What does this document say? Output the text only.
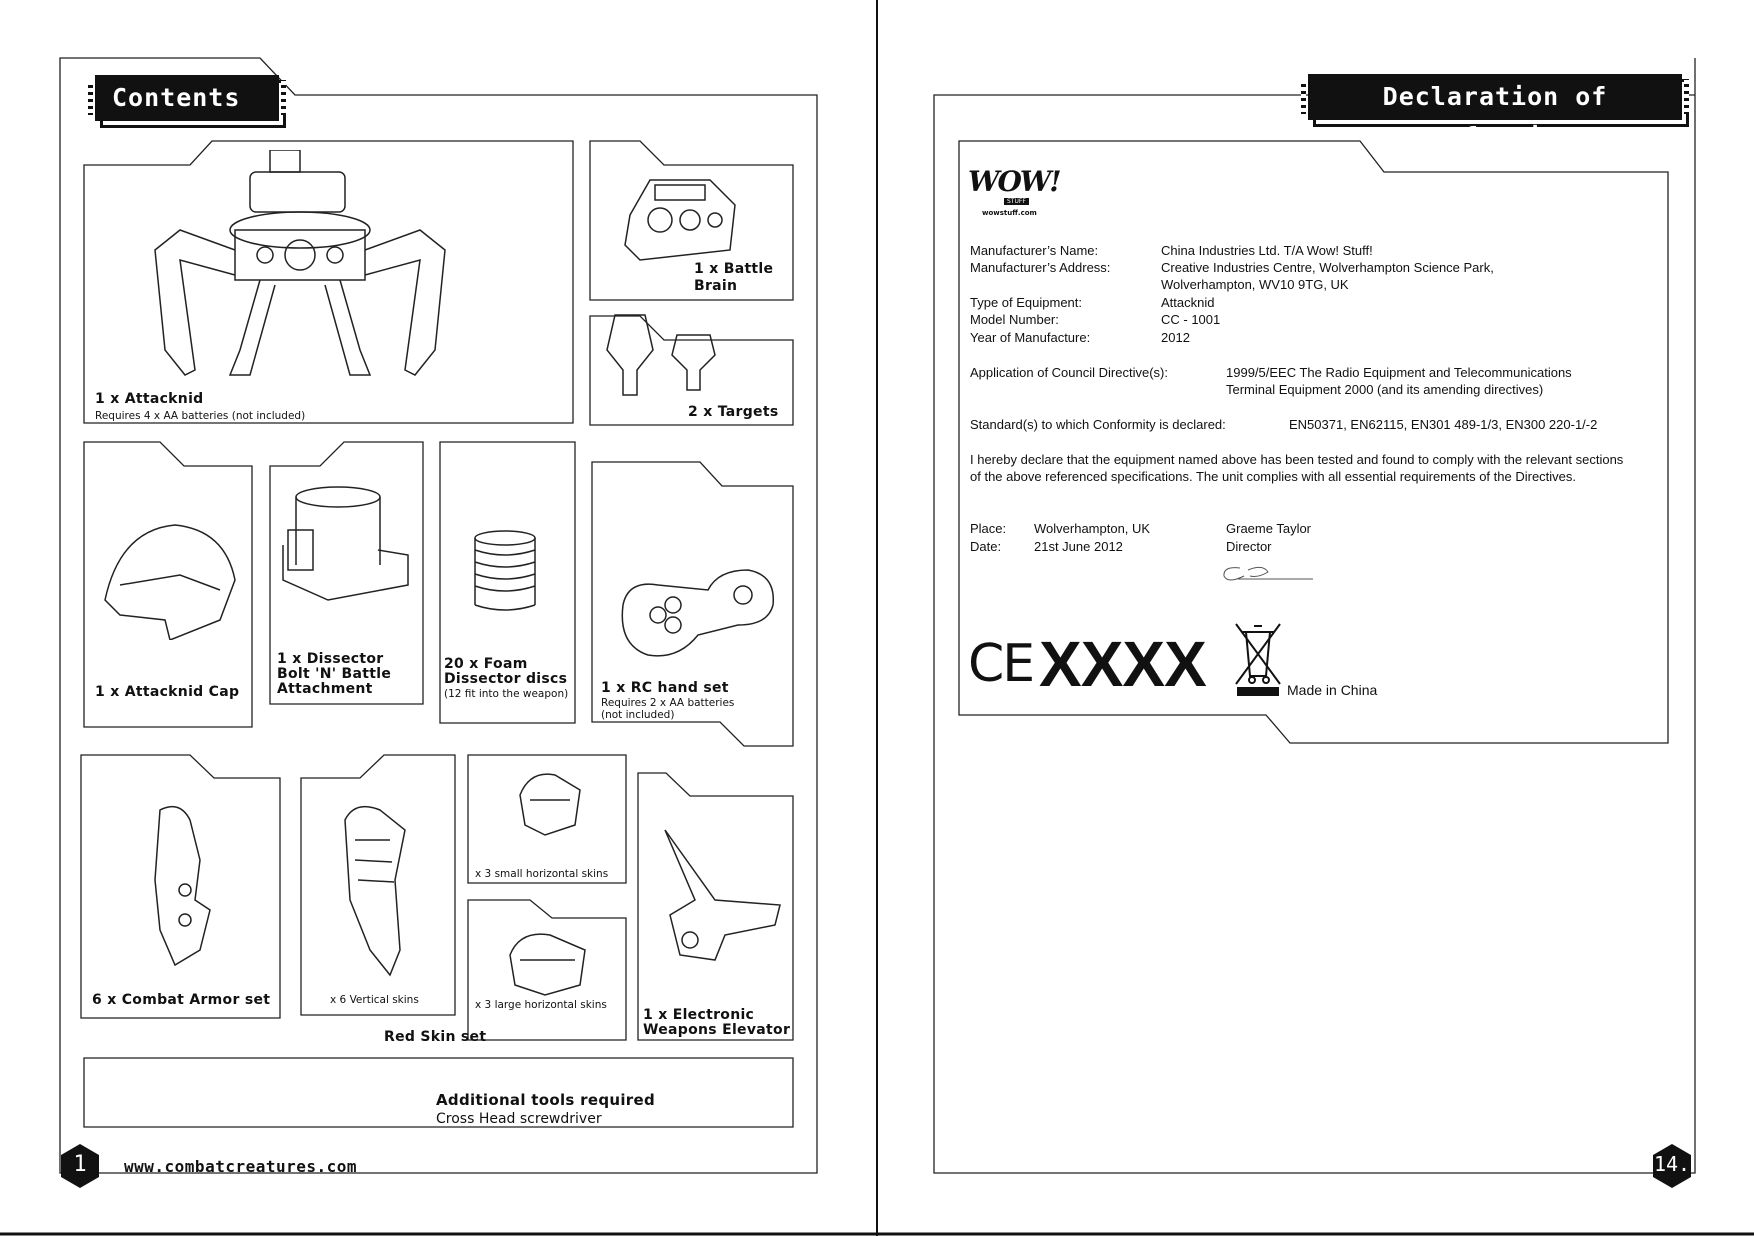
Contents
1 x Attacknid
Requires 4 x AA batteries (not included)
1 x Battle
Brain
2 x Targets
1 x Attacknid Cap
1 x Dissector
Bolt 'N' Battle
Attachment
20 x Foam
Dissector discs
(12 fit into the weapon) 1 x RC hand set
Requires 2 x AA batteries
(not included)
6 x Combat Armor set	x 6 Vertical skins
x 3 small horizontal skins
x 3 large horizontal skins
Red Skin set
1 x Electronic
Weapons Elevator
Additional tools required
Cross Head screwdriver
1	www.combatcreatures.com
Declaration of conformity
WOW!
STUFF
wowstuff.com
Manufacturer’s Name:	China Industries Ltd. T/A Wow! Stuff!
Manufacturer’s Address:	Creative Industries Centre, Wolverhampton Science Park,
Wolverhampton, WV10 9TG, UK
Type of Equipment:	Attacknid
Model Number:	CC - 1001
Year of Manufacture:	2012
Application of Council Directive(s):	1999/5/EEC The Radio Equipment and Telecommunications
Terminal Equipment 2000 (and its amending directives)
Standard(s) to which Conformity is declared:	EN50371, EN62115, EN301 489-1/3, EN300 220-1/-2
I hereby declare that the equipment named above has been tested and found to comply with the relevant sections
of the above referenced specifications. The unit complies with all essential requirements of the Directives.
Place: Wolverhampton, UK
Date:	21st June 2012
Graeme Taylor
Director
CE XXXX	Made in China
14.
